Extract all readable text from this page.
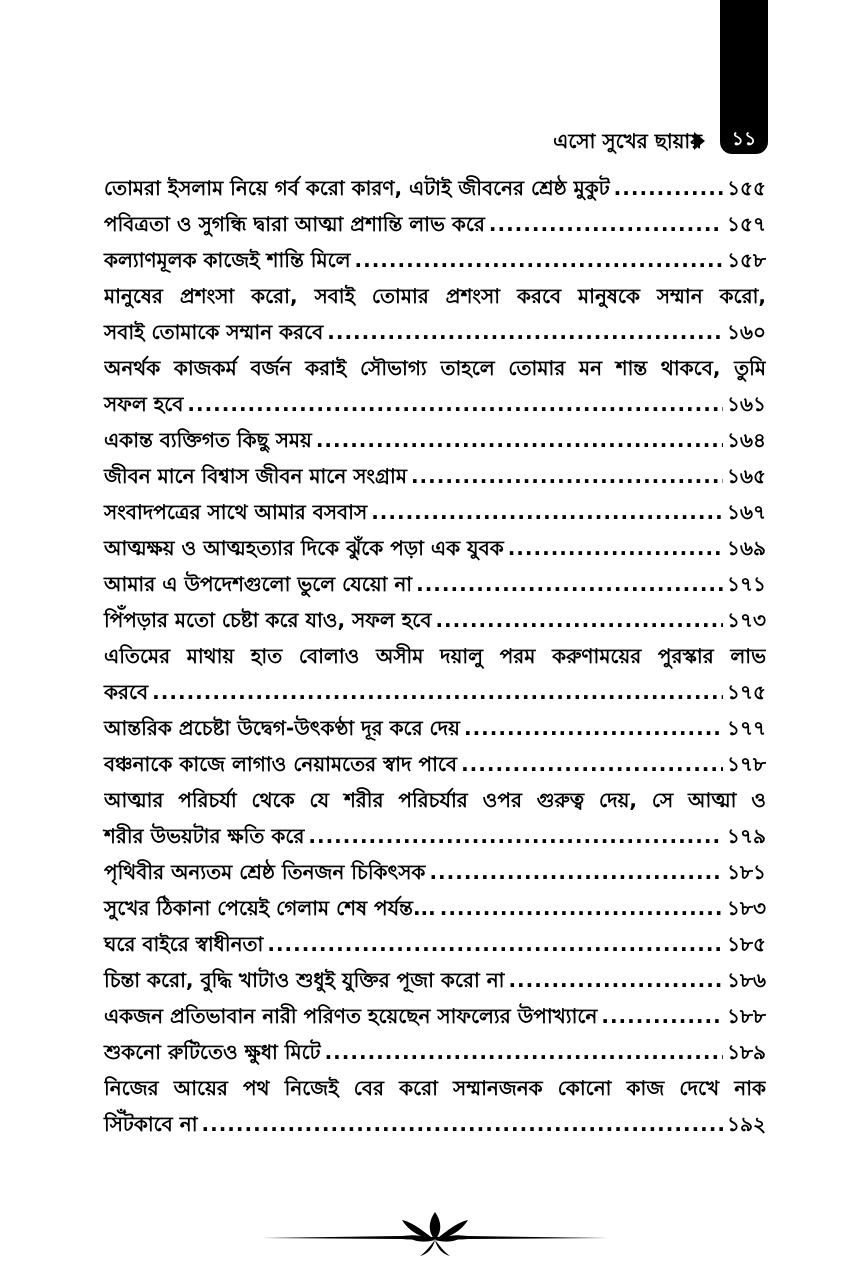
১১
এসো সুখের ছায়ায়
তোমরা ইসলাম নিয়ে গর্ব করো কারণ, এটাই জীবনের শ্রেষ্ঠ মুকুট .....	১৫৫
পবিত্রতা ও সুগন্ধি দ্বারা আত্মা প্রশান্তি লাভ করে .....	১৫৭
কল্যাণমূলক কাজেই শান্তি মিলে .....	১৫৮
মানুষের প্রশংসা করো, সবাই তোমার প্রশংসা করবে মানুষকে সম্মান করো,
সবাই তোমাকে সম্মান করবে .....	১৬০
অনর্থক কাজকর্ম বর্জন করাই সৌভাগ্য তাহলে তোমার মন শান্ত থাকবে, তুমি
সফল হবে .....	১৬১
একান্ত ব্যক্তিগত কিছু সময় .....	১৬৪
জীবন মানে বিশ্বাস জীবন মানে সংগ্রাম .....	১৬৫
সংবাদপত্রের সাথে আমার বসবাস .....	১৬৭
আত্মক্ষয় ও আত্মহত্যার দিকে ঝুঁকে পড়া এক যুবক .....	১৬৯
আমার এ উপদেশগুলো ভুলে যেয়ো না .....	১৭১
পিঁপড়ার মতো চেষ্টা করে যাও, সফল হবে .....	১৭৩
এতিমের মাথায় হাত বোলাও অসীম দয়ালু পরম করুণাময়ের পুরস্কার লাভ
করবে .....	১৭৫
আন্তরিক প্রচেষ্টা উদ্বেগ-উৎকণ্ঠা দূর করে দেয় .....	১৭৭
বঞ্চনাকে কাজে লাগাও নেয়ামতের স্বাদ পাবে .....	১৭৮
আত্মার পরিচর্যা থেকে যে শরীর পরিচর্যার ওপর গুরুত্ব দেয়, সে আত্মা ও
শরীর উভয়টার ক্ষতি করে .....	১৭৯
পৃথিবীর অন্যতম শ্রেষ্ঠ তিনজন চিকিৎসক .....	১৮১
সুখের ঠিকানা পেয়েই গেলাম শেষ পর্যন্ত... .....	১৮৩
ঘরে বাইরে স্বাধীনতা .....	১৮৫
চিন্তা করো, বুদ্ধি খাটাও শুধুই যুক্তির পূজা করো না .....	১৮৬
একজন প্রতিভাবান নারী পরিণত হয়েছেন সাফল্যের উপাখ্যানে .....	১৮৮
শুকনো রুটিতেও ক্ষুধা মিটে .....	১৮৯
নিজের আয়ের পথ নিজেই বের করো সম্মানজনক কোনো কাজ দেখে নাক
সিঁটকাবে না .....	১৯২
